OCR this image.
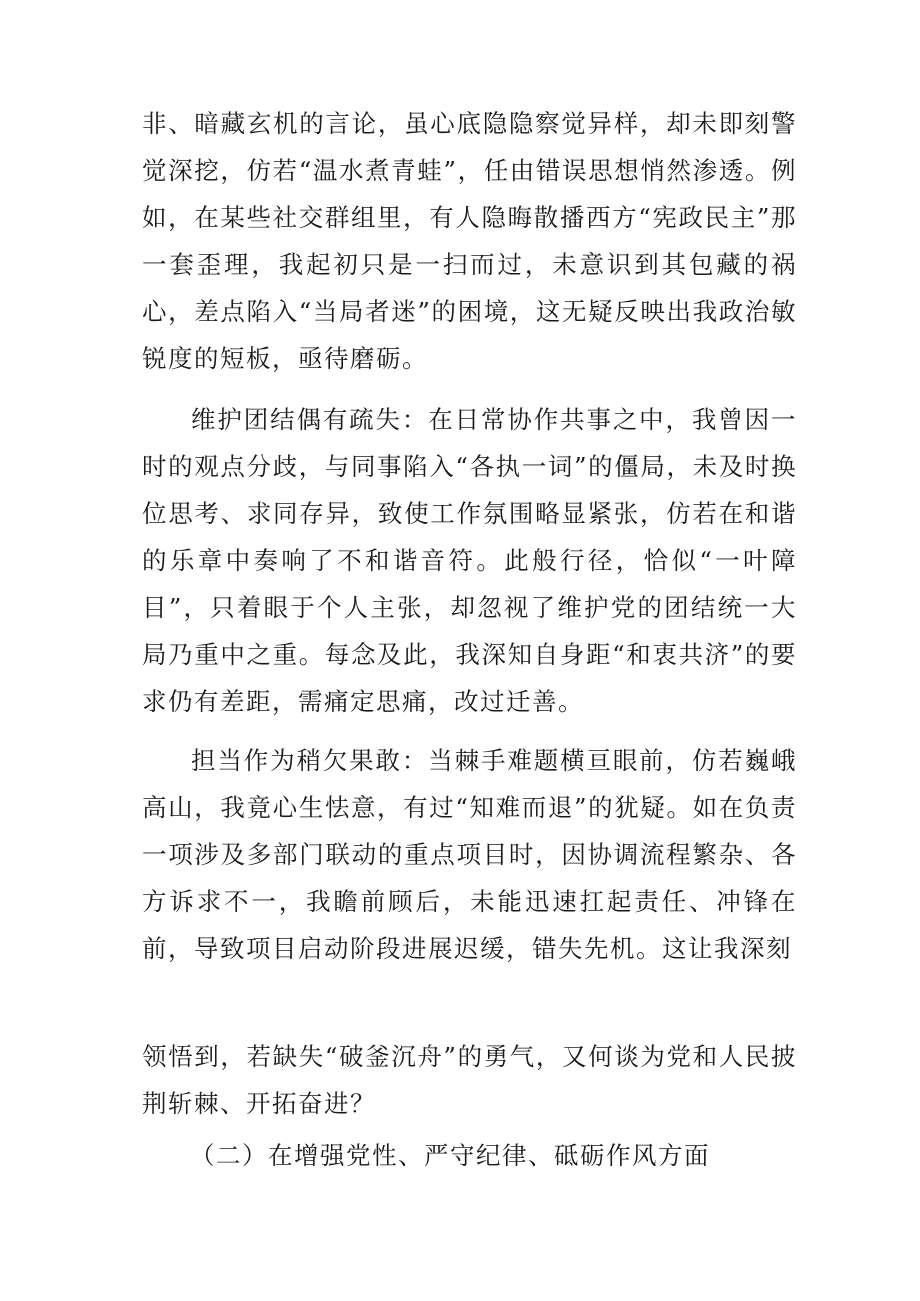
非、暗藏玄机的言论，虽心底隐隐察觉异样，却未即刻警觉深挖，仿若“温水煮青蛙”，任由错误思想悄然渗透。例如，在某些社交群组里，有人隐晦散播西方“宪政民主”那一套歪理，我起初只是一扫而过，未意识到其包藏的祸心，差点陷入“当局者迷”的困境，这无疑反映出我政治敏锐度的短板，亟待磨砺。

维护团结偶有疏失：在日常协作共事之中，我曾因一时的观点分歧，与同事陷入“各执一词”的僵局，未及时换位思考、求同存异，致使工作氛围略显紧张，仿若在和谐的乐章中奏响了不和谐音符。此般行径，恰似“一叶障目”，只着眼于个人主张，却忽视了维护党的团结统一大局乃重中之重。每念及此，我深知自身距“和衷共济”的要求仍有差距，需痛定思痛，改过迁善。

担当作为稍欠果敢：当棘手难题横亘眼前，仿若巍峨高山，我竟心生怯意，有过“知难而退”的犹疑。如在负责一项涉及多部门联动的重点项目时，因协调流程繁杂、各方诉求不一，我瞻前顾后，未能迅速扛起责任、冲锋在前，导致项目启动阶段进展迟缓，错失先机。这让我深刻

领悟到，若缺失“破釜沉舟”的勇气，又何谈为党和人民披荆斩棘、开拓奋进？

（二）在增强党性、严守纪律、砥砺作风方面
